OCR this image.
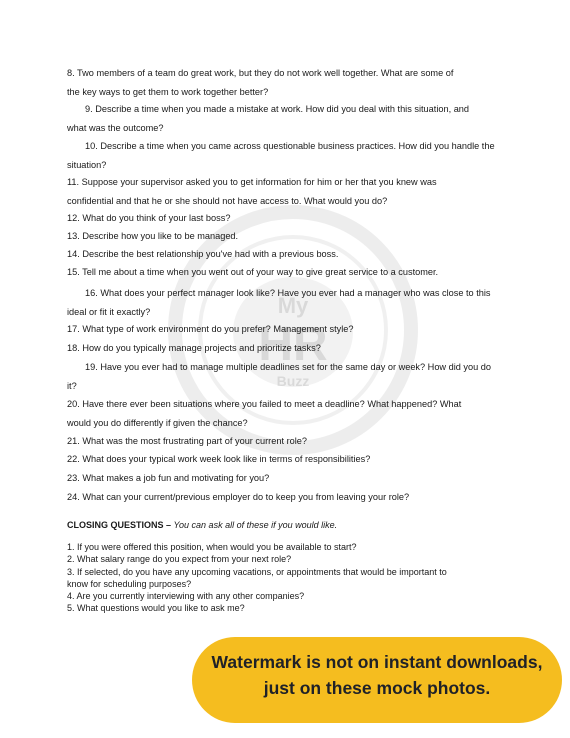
My
HR
Buzz
8. Two members of a team do great work, but they do not work well together. What are some of
the key ways to get them to work together better?
9. Describe a time when you made a mistake at work. How did you deal with this situation, and
what was the outcome?
10. Describe a time when you came across questionable business practices. How did you handle the
situation?
11. Suppose your supervisor asked you to get information for him or her that you knew was
confidential and that he or she should not have access to. What would you do?
12. What do you think of your last boss?
13. Describe how you like to be managed.
14. Describe the best relationship you've had with a previous boss.
15. Tell me about a time when you went out of your way to give great service to a customer.
16. What does your perfect manager look like? Have you ever had a manager who was close to this
ideal or fit it exactly?
17. What type of work environment do you prefer? Management style?
18. How do you typically manage projects and prioritize tasks?
19. Have you ever had to manage multiple deadlines set for the same day or week? How did you do
it?
20. Have there ever been situations where you failed to meet a deadline? What happened? What
would you do differently if given the chance?
21. What was the most frustrating part of your current role?
22. What does your typical work week look like in terms of responsibilities?
23. What makes a job fun and motivating for you?
24. What can your current/previous employer do to keep you from leaving your role?
CLOSING QUESTIONS – You can ask all of these if you would like.
1. If you were offered this position, when would you be available to start?
2. What salary range do you expect from your next role?
3. If selected, do you have any upcoming vacations, or appointments that would be important to
know for scheduling purposes?
4. Are you currently interviewing with any other companies?
5. What questions would you like to ask me?
Watermark is not on instant downloads,
just on these mock photos.
